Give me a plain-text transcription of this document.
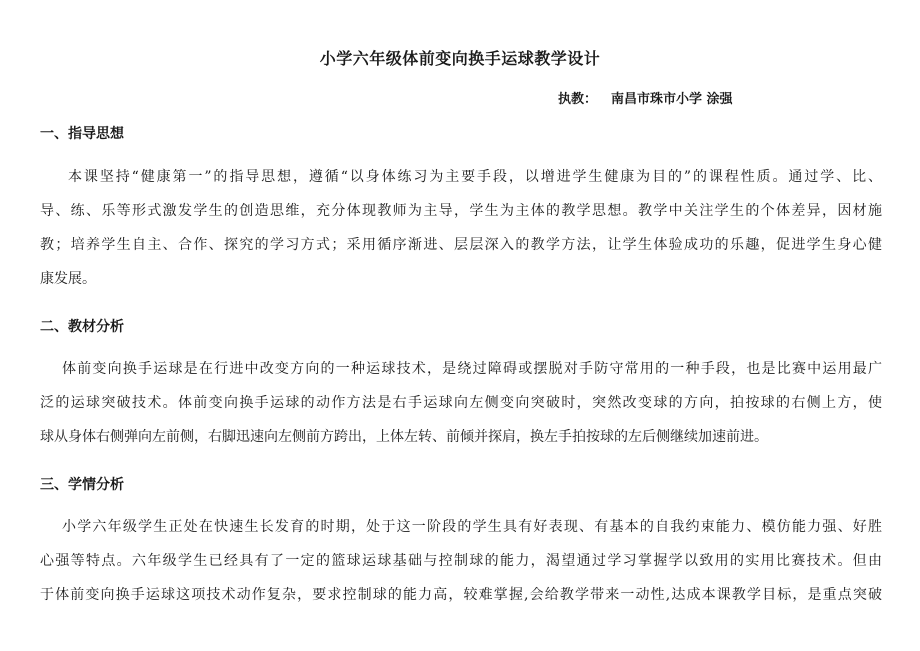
小学六年级体前变向换手运球教学设计
执教： 南昌市珠市小学 涂强
一、指导思想
本课坚持“健康第一”的指导思想，遵循“以身体练习为主要手段，以增进学生健康为目的”的课程性质。通过学、比、
导、练、乐等形式激发学生的创造思维，充分体现教师为主导，学生为主体的教学思想。教学中关注学生的个体差异，因材施
教；培养学生自主、合作、探究的学习方式；采用循序渐进、层层深入的教学方法，让学生体验成功的乐趣，促进学生身心健
康发展。
二、教材分析
体前变向换手运球是在行进中改变方向的一种运球技术，是绕过障碍或摆脱对手防守常用的一种手段，也是比赛中运用最广
泛的运球突破技术。体前变向换手运球的动作方法是右手运球向左侧变向突破时，突然改变球的方向，拍按球的右侧上方，使
球从身体右侧弹向左前侧，右脚迅速向左侧前方跨出，上体左转、前倾并探肩，换左手拍按球的左后侧继续加速前进。
三、学情分析
小学六年级学生正处在快速生长发育的时期，处于这一阶段的学生具有好表现、有基本的自我约束能力、模仿能力强、好胜
心强等特点。六年级学生已经具有了一定的篮球运球基础与控制球的能力，渴望通过学习掌握学以致用的实用比赛技术。但由
于体前变向换手运球这项技术动作复杂，要求控制球的能力高，较难掌握,会给教学带来一动性,达成本课教学目标，是重点突破
